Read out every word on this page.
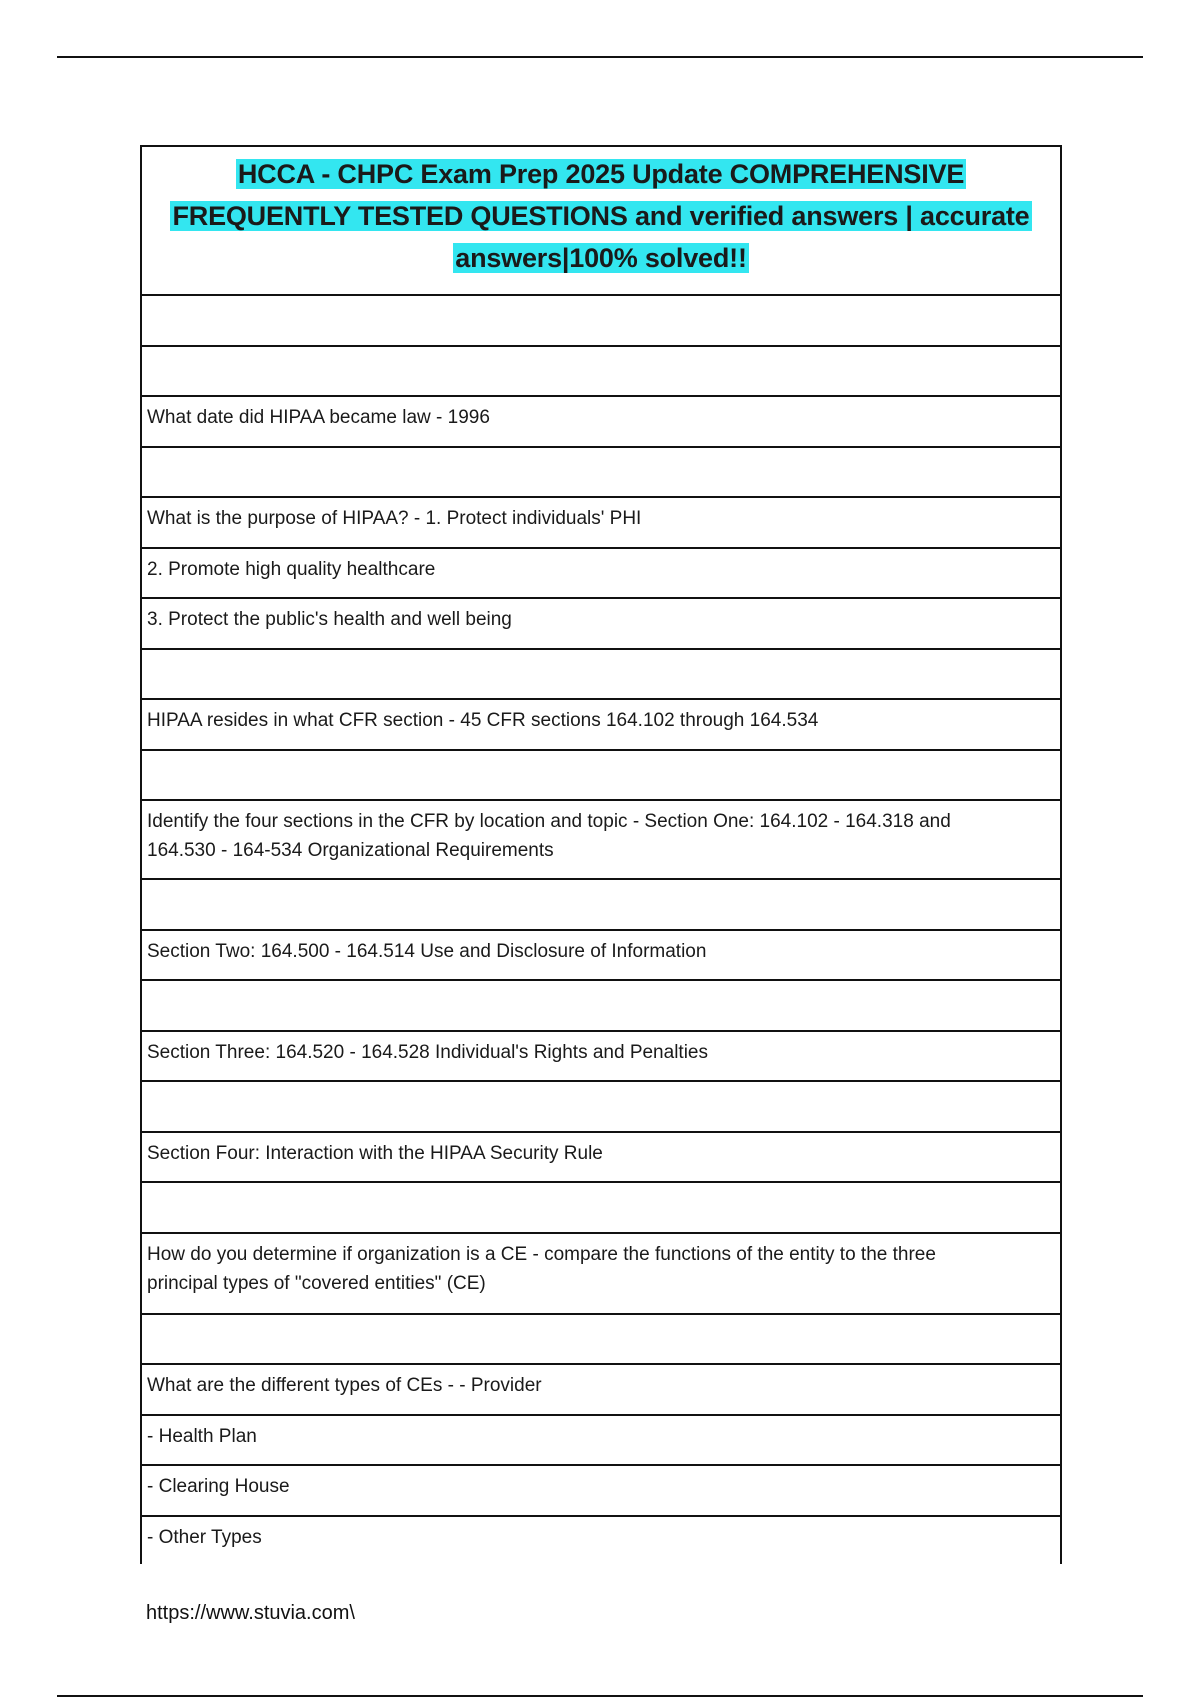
HCCA - CHPC Exam Prep 2025 Update COMPREHENSIVE
FREQUENTLY TESTED QUESTIONS and verified answers | accurate
answers|100% solved!!
What date did HIPAA became law - 1996
What is the purpose of HIPAA? - 1. Protect individuals' PHI
2. Promote high quality healthcare
3. Protect the public's health and well being
HIPAA resides in what CFR section - 45 CFR sections 164.102 through 164.534
Identify the four sections in the CFR by location and topic - Section One: 164.102 - 164.318 and
164.530 - 164-534 Organizational Requirements
Section Two: 164.500 - 164.514 Use and Disclosure of Information
Section Three: 164.520 - 164.528 Individual's Rights and Penalties
Section Four: Interaction with the HIPAA Security Rule
How do you determine if organization is a CE - compare the functions of the entity to the three
principal types of "covered entities" (CE)
What are the different types of CEs - - Provider
- Health Plan
- Clearing House
- Other Types
https://www.stuvia.com\
